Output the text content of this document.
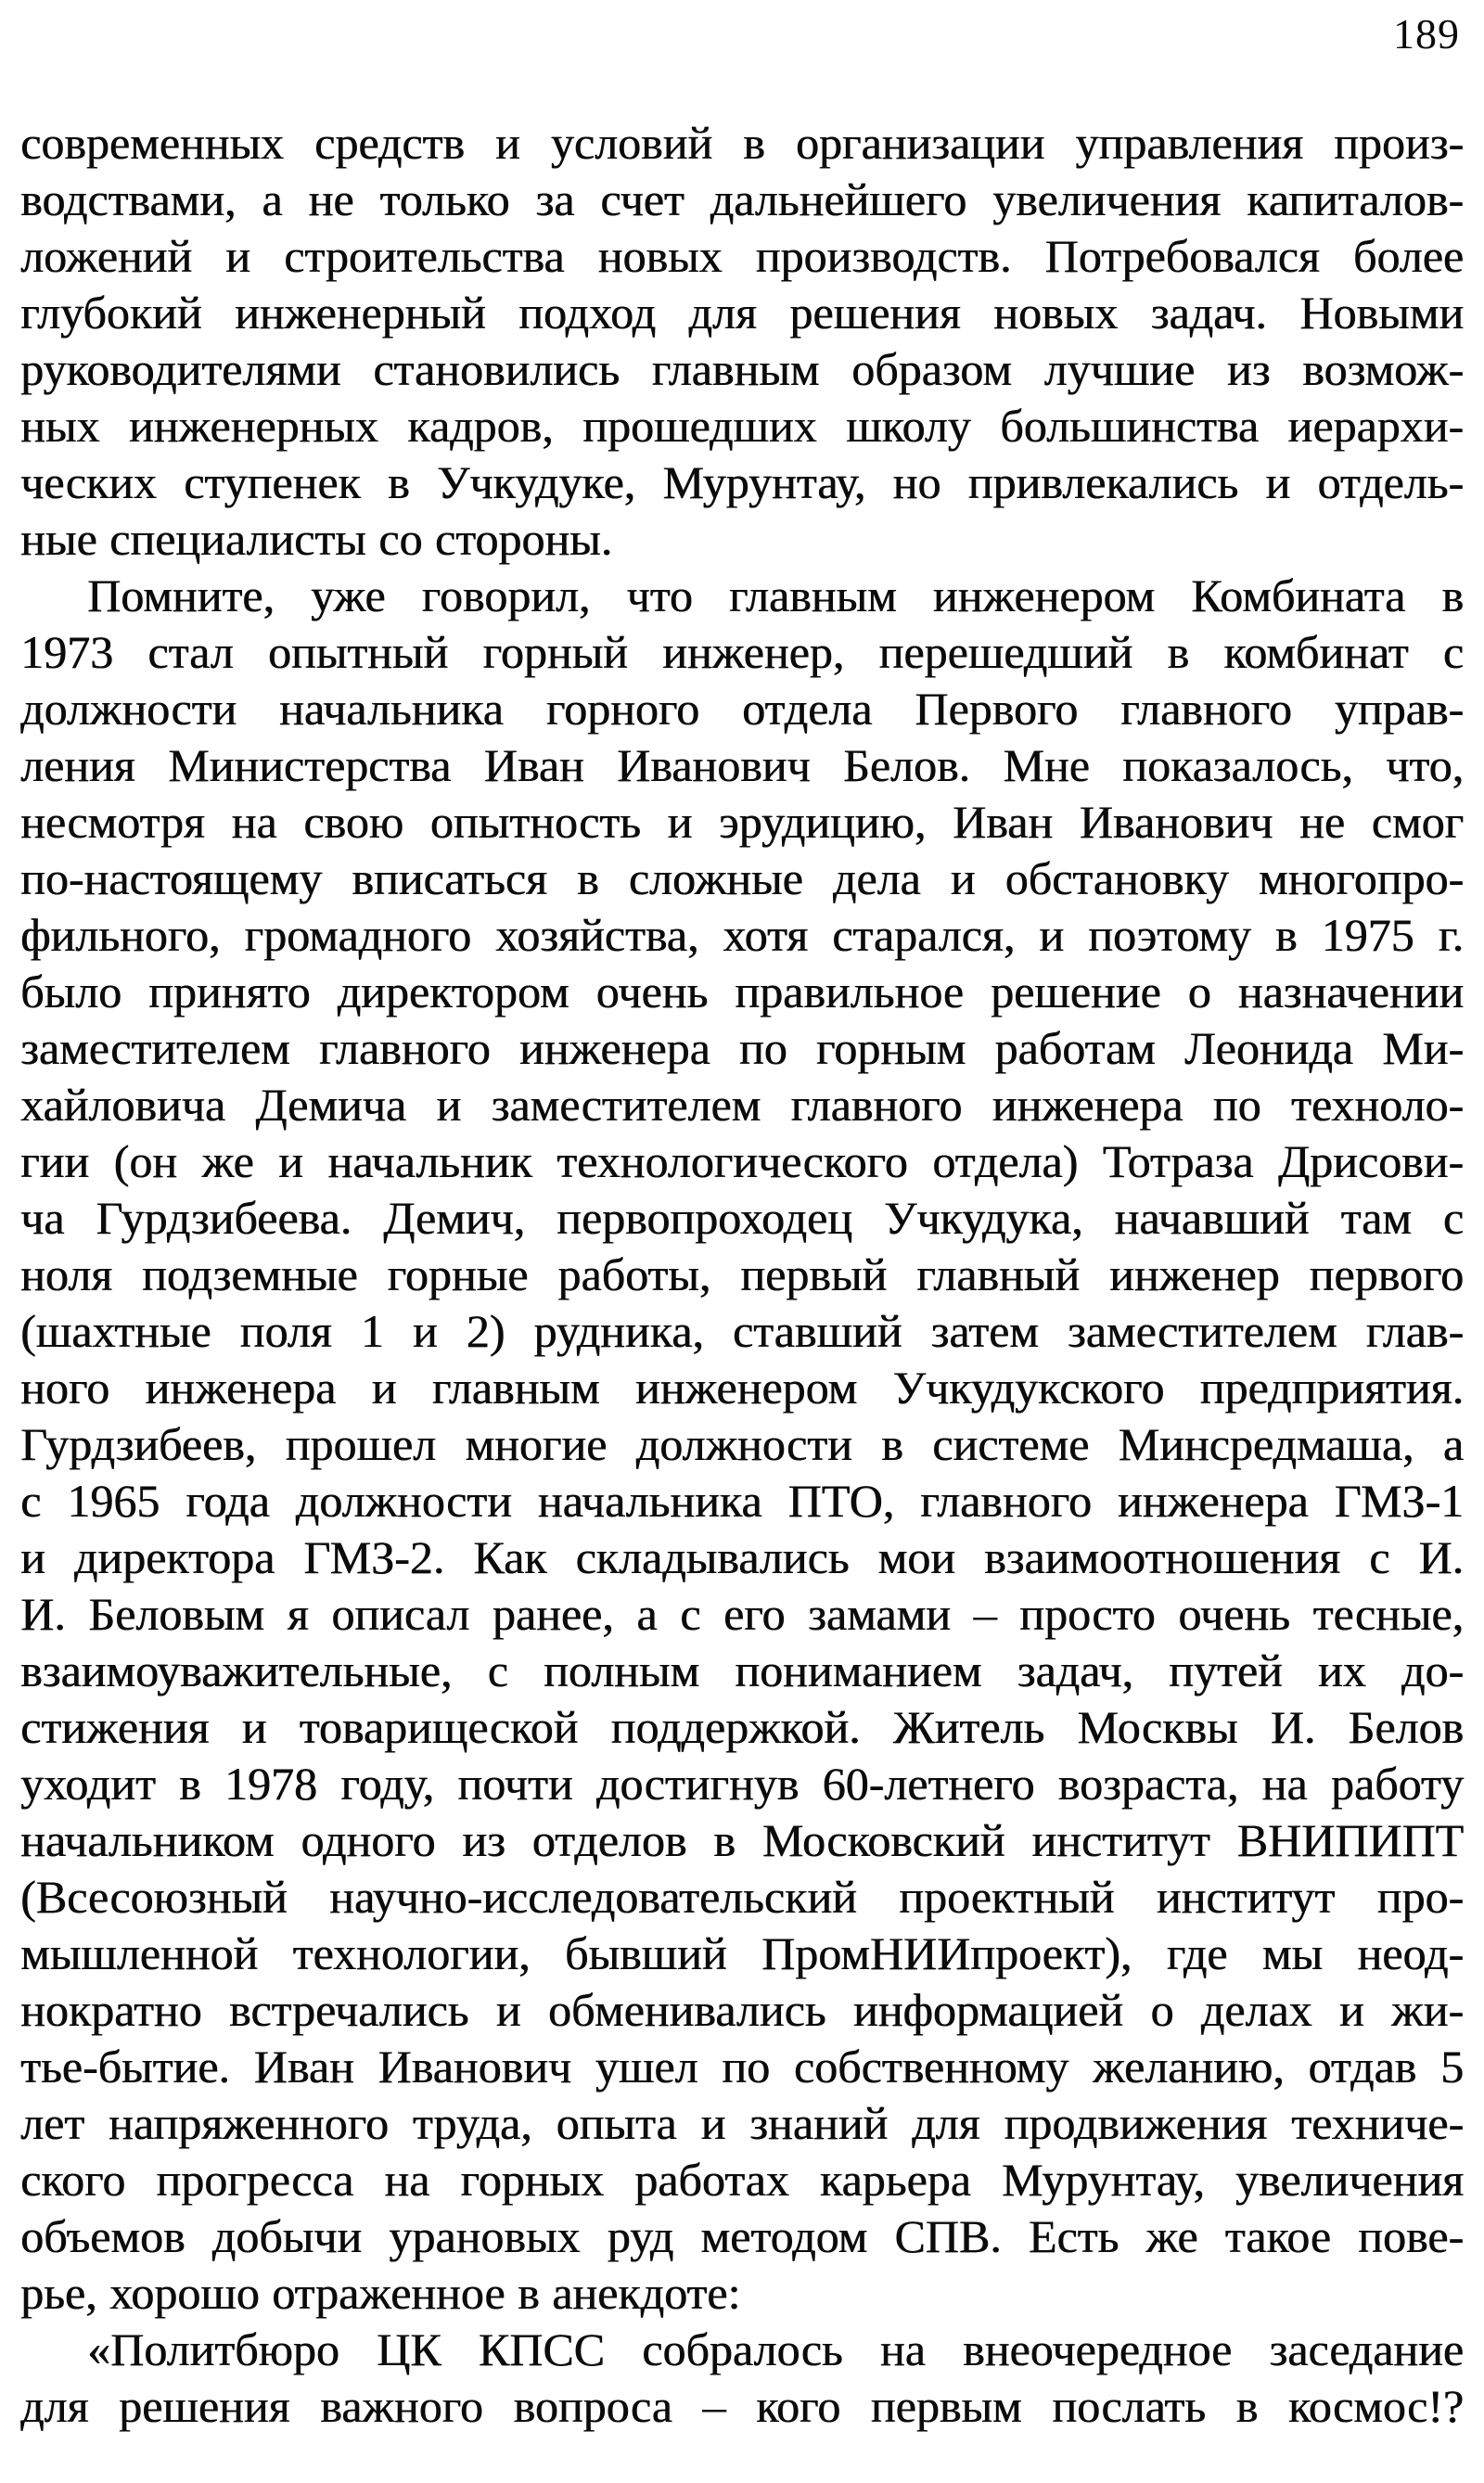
189
современных средств и условий в организации управления произ-
водствами, а не только за счет дальнейшего увеличения капиталов-
ложений и строительства новых производств. Потребовался более
глубокий инженерный подход для решения новых задач. Новыми
руководителями становились главным образом лучшие из возмож-
ных инженерных кадров, прошедших школу большинства иерархи-
ческих ступенек в Учкудуке, Мурунтау, но привлекались и отдель-
ные специалисты со стороны.
Помните, уже говорил, что главным инженером Комбината в
1973 стал опытный горный инженер, перешедший в комбинат с
должности начальника горного отдела Первого главного управ-
ления Министерства Иван Иванович Белов. Мне показалось, что,
несмотря на свою опытность и эрудицию, Иван Иванович не смог
по-настоящему вписаться в сложные дела и обстановку многопро-
фильного, громадного хозяйства, хотя старался, и поэтому в 1975 г.
было принято директором очень правильное решение о назначении
заместителем главного инженера по горным работам Леонида Ми-
хайловича Демича и заместителем главного инженера по техноло-
гии (он же и начальник технологического отдела) Тотраза Дрисови-
ча Гурдзибеева. Демич, первопроходец Учкудука, начавший там с
ноля подземные горные работы, первый главный инженер первого
(шахтные поля 1 и 2) рудника, ставший затем заместителем глав-
ного инженера и главным инженером Учкудукского предприятия.
Гурдзибеев, прошел многие должности в системе Минсредмаша, а
с 1965 года должности начальника ПТО, главного инженера ГМЗ-1
и директора ГМЗ-2. Как складывались мои взаимоотношения с И.
И. Беловым я описал ранее, а с его замами – просто очень тесные,
взаимоуважительные, с полным пониманием задач, путей их до-
стижения и товарищеской поддержкой. Житель Москвы И. Белов
уходит в 1978 году, почти достигнув 60-летнего возраста, на работу
начальником одного из отделов в Московский институт ВНИПИПТ
(Всесоюзный научно-исследовательский проектный институт про-
мышленной технологии, бывший ПромНИИпроект), где мы неод-
нократно встречались и обменивались информацией о делах и жи-
тье-бытие. Иван Иванович ушел по собственному желанию, отдав 5
лет напряженного труда, опыта и знаний для продвижения техниче-
ского прогресса на горных работах карьера Мурунтау, увеличения
объемов добычи урановых руд методом СПВ. Есть же такое пове-
рье, хорошо отраженное в анекдоте:
«Политбюро ЦК КПСС собралось на внеочередное заседание
для решения важного вопроса – кого первым послать в космос!?
